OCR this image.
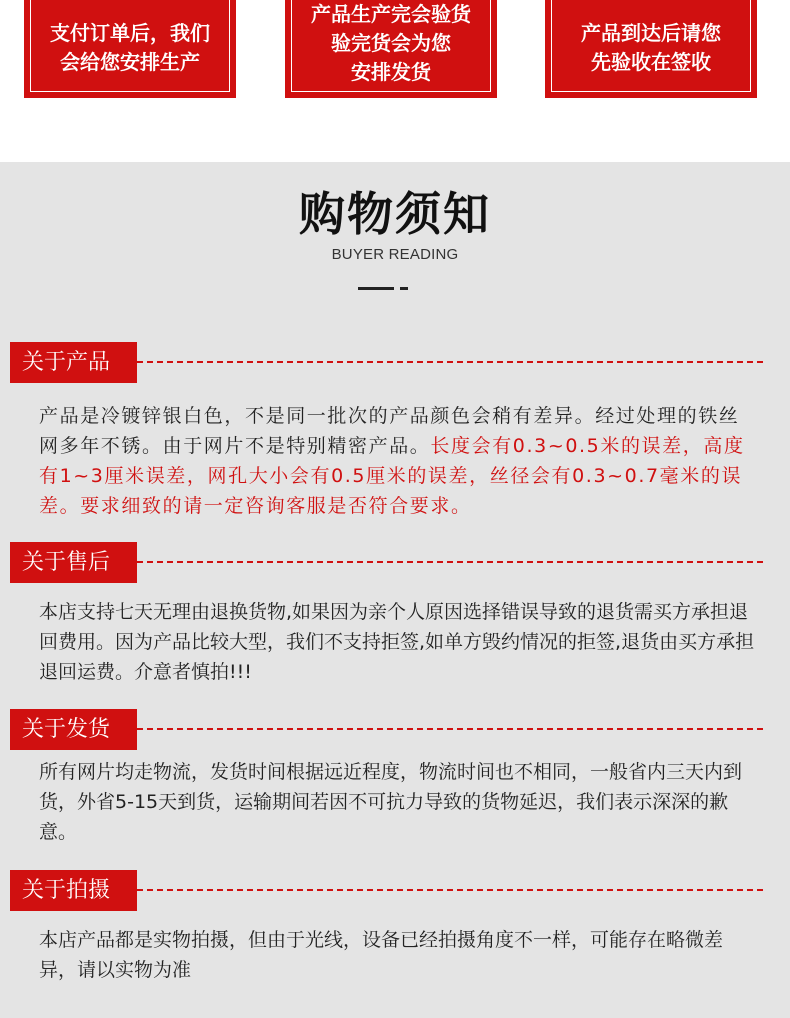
支付订单后，我们
会给您安排生产
产品生产完会验货
验完货会为您
安排发货
产品到达后请您
先验收在签收
购物须知
BUYER READING
关于产品

产品是冷镀锌银白色，不是同一批次的产品颜色会稍有差异。经过处理的铁丝网多年不锈。由于网片不是特别精密产品。长度会有0.3~0.5米的误差，高度有1~3厘米误差，网孔大小会有0.5厘米的误差，丝径会有0.3~0.7毫米的误差。要求细致的请一定咨询客服是否符合要求。

关于售后

本店支持七天无理由退换货物,如果因为亲个人原因选择错误导致的退货需买方承担退回费用。因为产品比较大型，我们不支持拒签,如单方毁约情况的拒签,退货由买方承担退回运费。介意者慎拍!!!

关于发货

所有网片均走物流，发货时间根据远近程度，物流时间也不相同，一般省内三天内到货，外省5-15天到货，运输期间若因不可抗力导致的货物延迟，我们表示深深的歉意。

关于拍摄

本店产品都是实物拍摄，但由于光线，设备已经拍摄角度不一样，可能存在略微差异，请以实物为准
